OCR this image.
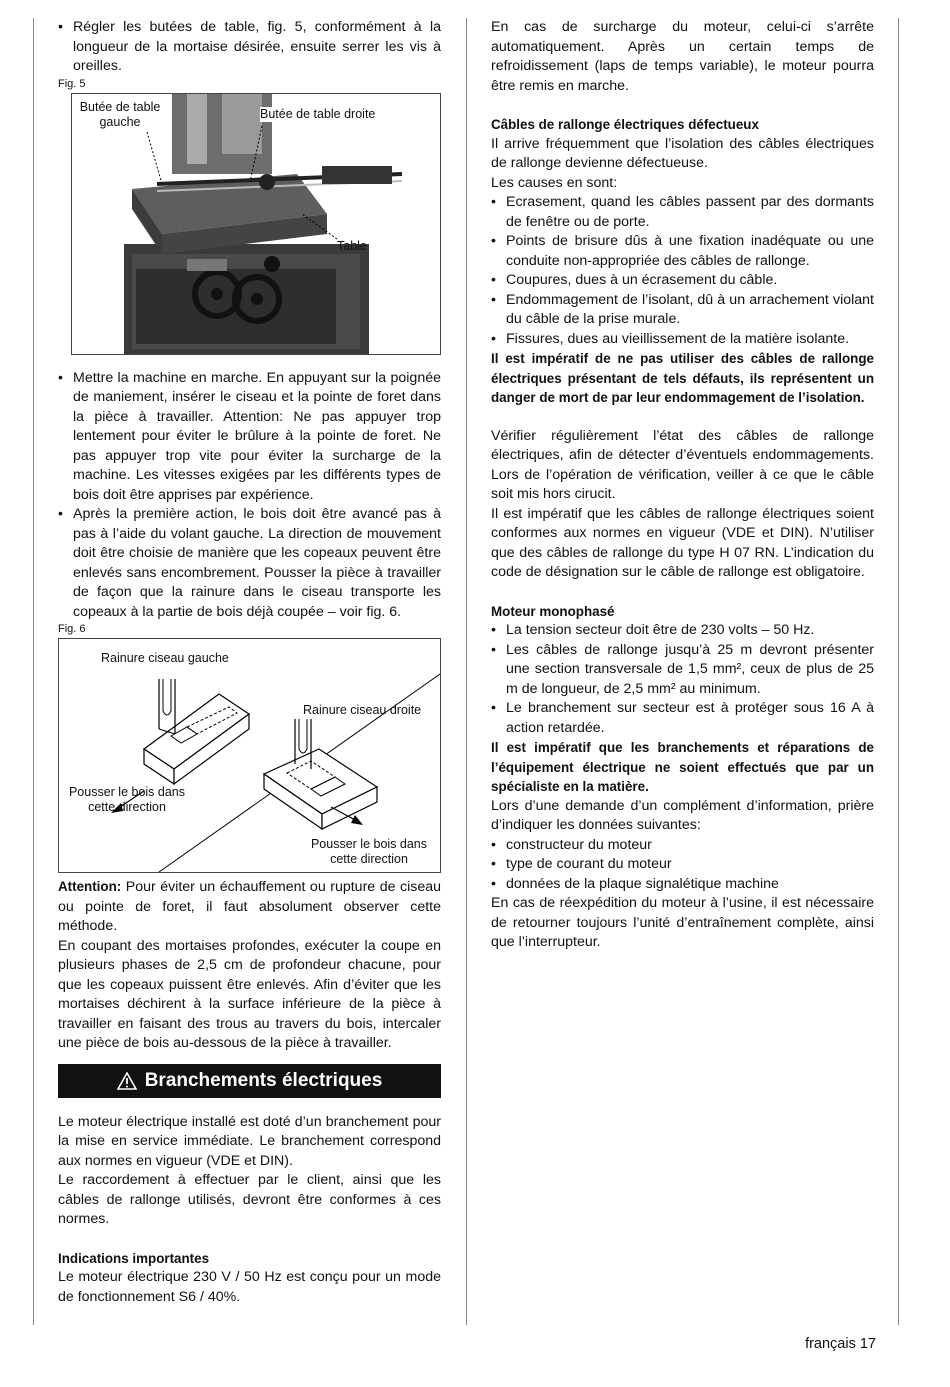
• Régler les butées de table, fig. 5, conformément à la longueur de la mortaise désirée, ensuite serrer les vis à oreilles.
Fig. 5
Butée de table gauche
Butée de table droite
Table
• Mettre la machine en marche. En appuyant sur la poignée de maniement, insérer le ciseau et la pointe de foret dans la pièce à travailler. Attention: Ne pas appuyer trop lentement pour éviter le brûlure à la pointe de foret. Ne pas appuyer trop vite pour éviter la surcharge de la machine. Les vitesses exigées par les différents types de bois doit être apprises par expérience.
• Après la première action, le bois doit être avancé pas à pas à l’aide du volant gauche. La direction de mouvement doit être choisie de manière que les copeaux peuvent être enlevés sans encombrement. Pousser la pièce à travailler de façon que la rainure dans le ciseau transporte les copeaux à la partie de bois déjà coupée – voir fig. 6.
Fig. 6
Rainure ciseau gauche
Rainure ciseau droite
Pousser le bois dans cette direction
Pousser le bois dans cette direction

Attention: Pour éviter un échauffement ou rupture de ciseau ou pointe de foret, il faut absolument observer cette méthode.

En coupant des mortaises profondes, exécuter la coupe en plusieurs phases de 2,5 cm de profondeur chacune, pour que les copeaux puissent être enlevés. Afin d’éviter que les mortaises déchirent à la surface inférieure de la pièce à travailler en faisant des trous au travers du bois, intercaler une pièce de bois au-dessous de la pièce à travailler.

Branchements électriques

Le moteur électrique installé est doté d’un branchement pour la mise en service immédiate. Le branchement correspond aux normes en vigueur (VDE et DIN).

Le raccordement à effectuer par le client, ainsi que les câbles de rallonge utilisés, devront être conformes à ces normes.

Indications importantes

Le moteur électrique 230 V / 50 Hz est conçu pour un mode de fonctionnement S6 / 40%.

En cas de surcharge du moteur, celui-ci s’arrête automatiquement. Après un certain temps de refroidissement (laps de temps variable), le moteur pourra être remis en marche.

Câbles de rallonge électriques défectueux

Il arrive fréquemment que l’isolation des câbles électriques de rallonge devienne défectueuse.

Les causes en sont:

• Ecrasement, quand les câbles passent par des dormants de fenêtre ou de porte.
• Points de brisure dûs à une fixation inadéquate ou une conduite non-appropriée des câbles de rallonge.
• Coupures, dues à un écrasement du câble.
• Endommagement de l’isolant, dû à un arrachement violant du câble de la prise murale.
• Fissures, dues au vieillissement de la matière isolante.

Il est impératif de ne pas utiliser des câbles de rallonge électriques présentant de tels défauts, ils représentent un danger de mort de par leur endommagement de l’isolation.

Vérifier régulièrement l’état des câbles de rallonge électriques, afin de détecter d’éventuels endommagements. Lors de l’opération de vérification, veiller à ce que le câble soit mis hors cirucit.

Il est impératif que les câbles de rallonge électriques soient conformes aux normes en vigueur (VDE et DIN). N’utiliser que des câbles de rallonge du type H 07 RN. L’indication du code de désignation sur le câble de rallonge est obligatoire.

Moteur monophasé

• La tension secteur doit être de 230 volts – 50 Hz.
• Les câbles de rallonge jusqu’à 25 m devront présenter une section transversale de 1,5 mm², ceux de plus de 25 m de longueur, de 2,5 mm² au minimum.
• Le branchement sur secteur est à protéger sous 16 A à action retardée.

Il est impératif que les branchements et réparations de l’équipement électrique ne soient effectués que par un spécialiste en la matière.

Lors d’une demande d’un complément d’information, prière d’indiquer les données suivantes:

• constructeur du moteur
• type de courant du moteur
• données de la plaque signalétique machine

En cas de réexpédition du moteur à l’usine, il est nécessaire de retourner toujours l’unité d’entraînement complète, ainsi que l’interrupteur.

français 17
